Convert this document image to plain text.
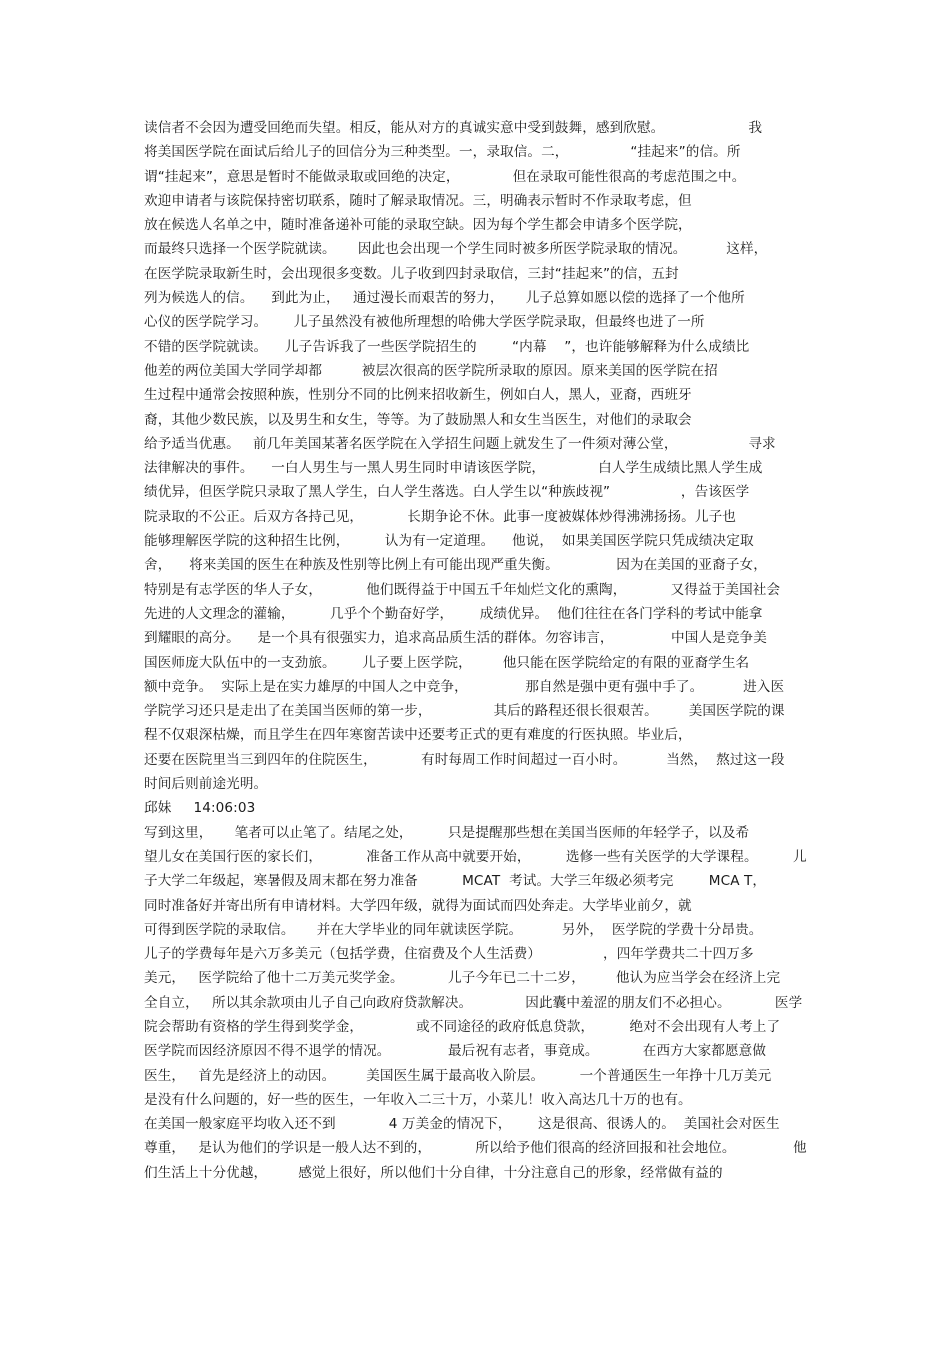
读信者不会因为遭受回绝而失望。相反，能从对方的真诚实意中受到鼓舞，感到欣慰。                   我
将美国医学院在面试后给儿子的回信分为三种类型。一，录取信。二，              “挂起来”的信。所
谓“挂起来”，意思是暂时不能做录取或回绝的决定，            但在录取可能性很高的考虑范围之中。
欢迎申请者与该院保持密切联系，随时了解录取情况。三，明确表示暂时不作录取考虑，但
放在候选人名单之中，随时准备递补可能的录取空缺。因为每个学生都会申请多个医学院，
而最终只选择一个医学院就读。     因此也会出现一个学生同时被多所医学院录取的情况。         这样，
在医学院录取新生时，会出现很多变数。儿子收到四封录取信，三封“挂起来”的信，五封
列为候选人的信。    到此为止，   通过漫长而艰苦的努力，     儿子总算如愿以偿的选择了一个他所
心仪的医学院学习。      儿子虽然没有被他所理想的哈佛大学医学院录取，但最终也进了一所
不错的医学院就读。    儿子告诉我了一些医学院招生的        “内幕    ”，也许能够解释为什么成绩比
他差的两位美国大学同学却都         被层次很高的医学院所录取的原因。原来美国的医学院在招
生过程中通常会按照种族，性别分不同的比例来招收新生，例如白人，黑人，亚裔，西班牙
裔，其他少数民族，以及男生和女生，等等。为了鼓励黑人和女生当医生，对他们的录取会
给予适当优惠。   前几年美国某著名医学院在入学招生问题上就发生了一件须对薄公堂，                寻求
法律解决的事件。    一白人男生与一黑人男生同时申请该医学院，            白人学生成绩比黑人学生成
绩优异，但医学院只录取了黑人学生，白人学生落选。白人学生以“种族歧视”                ，告该医学
院录取的不公正。后双方各持己见，          长期争论不休。此事一度被媒体炒得沸沸扬扬。儿子也
能够理解医学院的这种招生比例，        认为有一定道理。    他说，  如果美国医学院只凭成绩决定取
舍，    将来美国的医生在种族及性别等比例上有可能出现严重失衡。             因为在美国的亚裔子女，
特别是有志学医的华人子女，          他们既得益于中国五千年灿烂文化的熏陶，          又得益于美国社会
先进的人文理念的灌输，        几乎个个勤奋好学，      成绩优异。  他们往往在各门学科的考试中能拿
到耀眼的高分。    是一个具有很强实力，追求高品质生活的群体。勿容讳言，             中国人是竞争美
国医师庞大队伍中的一支劲旅。      儿子要上医学院，       他只能在医学院给定的有限的亚裔学生名
额中竞争。  实际上是在实力雄厚的中国人之中竞争，             那自然是强中更有强中手了。         进入医
学院学习还只是走出了在美国当医师的第一步，              其后的路程还很长很艰苦。       美国医学院的课
程不仅艰深枯燥，而且学生在四年寒窗苦读中还要考正式的更有难度的行医执照。毕业后，
还要在医院里当三到四年的住院医生，          有时每周工作时间超过一百小时。         当然，  熬过这一段
时间后则前途光明。
邱妹     14:06:03
写到这里，     笔者可以止笔了。结尾之处，        只是提醒那些想在美国当医师的年轻学子，以及希
望儿女在美国行医的家长们，          准备工作从高中就要开始，        选修一些有关医学的大学课程。        儿
子大学二年级起，寒暑假及周末都在努力准备          MCAT  考试。大学三年级必须考完        MCA T，
同时准备好并寄出所有申请材料。大学四年级，就得为面试而四处奔走。大学毕业前夕，就
可得到医学院的录取信。     并在大学毕业的同年就读医学院。         另外，  医学院的学费十分昂贵。
儿子的学费每年是六万多美元（包括学费，住宿费及个人生活费）              ，四年学费共二十四万多
美元，   医学院给了他十二万美元奖学金。          儿子今年已二十二岁，       他认为应当学会在经济上完
全自立，   所以其余款项由儿子自己向政府贷款解决。            因此囊中羞涩的朋友们不必担心。          医学
院会帮助有资格的学生得到奖学金，            或不同途径的政府低息贷款，        绝对不会出现有人考上了
医学院而因经济原因不得不退学的情况。             最后祝有志者，事竟成。          在西方大家都愿意做
医生，   首先是经济上的动因。       美国医生属于最高收入阶层。        一个普通医生一年挣十几万美元
是没有什么问题的，好一些的医生，一年收入二三十万，小菜儿！收入高达几十万的也有。
在美国一般家庭平均收入还不到            4 万美金的情况下，      这是很高、很诱人的。  美国社会对医生
尊重，   是认为他们的学识是一般人达不到的，          所以给予他们很高的经济回报和社会地位。             他
们生活上十分优越，       感觉上很好，所以他们十分自律，十分注意自己的形象，经常做有益的
